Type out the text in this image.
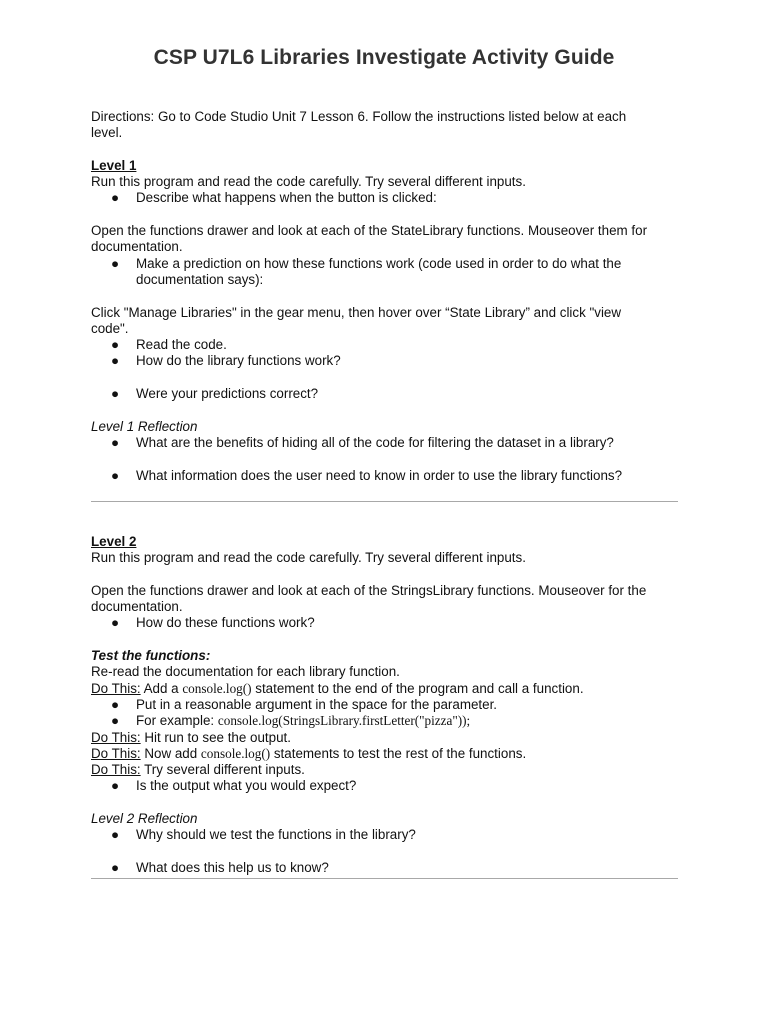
CSP U7L6 Libraries Investigate Activity Guide
Directions: Go to Code Studio Unit 7 Lesson 6. Follow the instructions listed below at each
level.
Level 1
Run this program and read the code carefully. Try several different inputs.
● Describe what happens when the button is clicked:
Open the functions drawer and look at each of the StateLibrary functions. Mouseover them for
documentation.
● Make a prediction on how these functions work (code used in order to do what the
documentation says):
Click "Manage Libraries" in the gear menu, then hover over “State Library” and click "view
code".
● Read the code.
● How do the library functions work?
● Were your predictions correct?
Level 1 Reflection
● What are the benefits of hiding all of the code for filtering the dataset in a library?
● What information does the user need to know in order to use the library functions?
Level 2
Run this program and read the code carefully. Try several different inputs.
Open the functions drawer and look at each of the StringsLibrary functions. Mouseover for the
documentation.
● How do these functions work?
Test the functions:
Re-read the documentation for each library function.
Do This: Add a console.log() statement to the end of the program and call a function.
● Put in a reasonable argument in the space for the parameter.
● For example: console.log(StringsLibrary.firstLetter("pizza"));
Do This: Hit run to see the output.
Do This: Now add console.log() statements to test the rest of the functions.
Do This: Try several different inputs.
● Is the output what you would expect?
Level 2 Reflection
● Why should we test the functions in the library?
● What does this help us to know?
